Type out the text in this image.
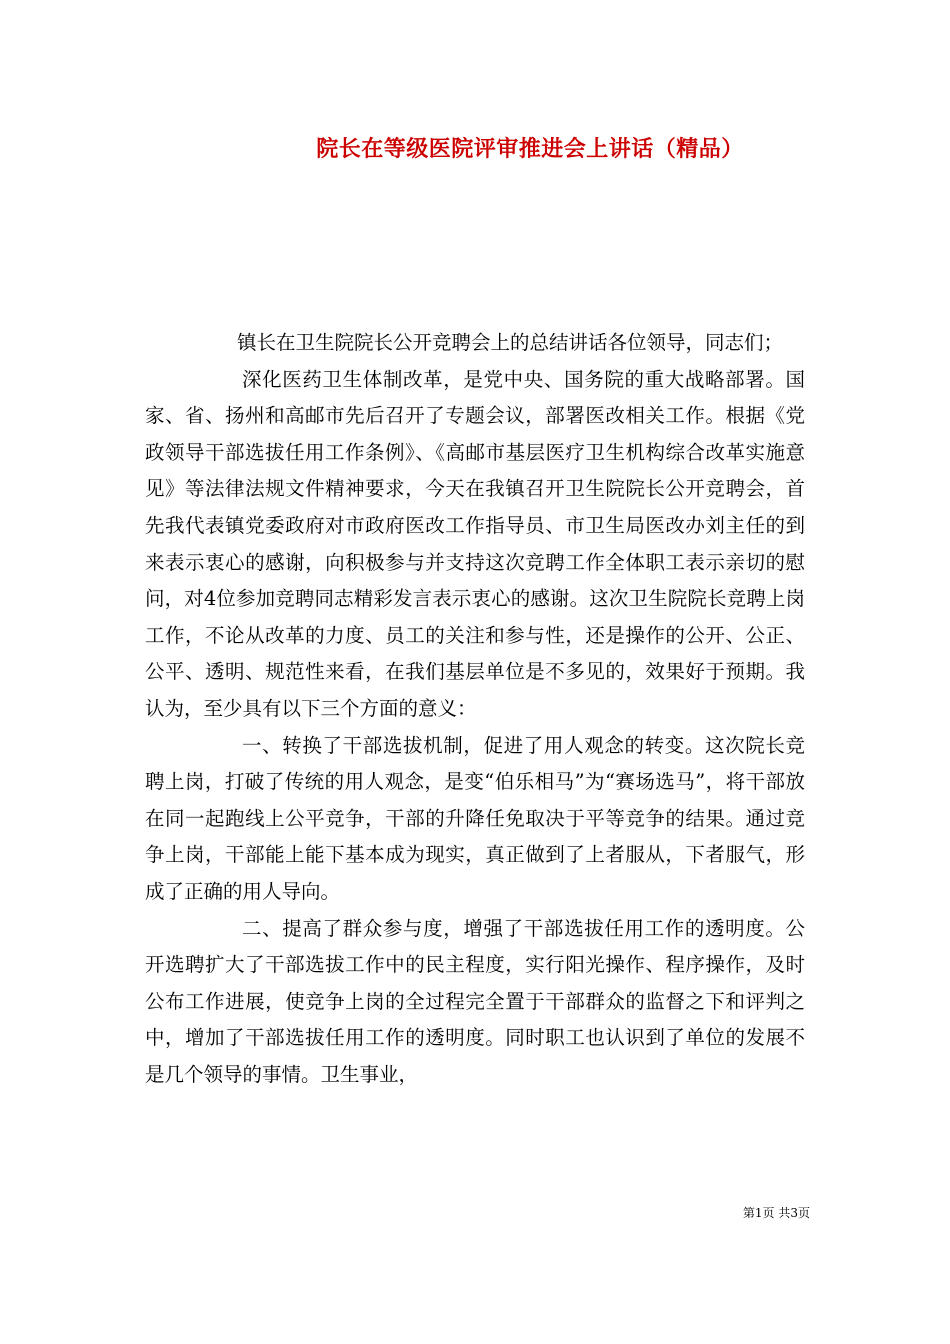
院长在等级医院评审推进会上讲话（精品）

镇长在卫生院院长公开竞聘会上的总结讲话各位领导，同志们；

深化医药卫生体制改革，是党中央、国务院的重大战略部署。国家、省、扬州和高邮市先后召开了专题会议，部署医改相关工作。根据《党政领导干部选拔任用工作条例》、《高邮市基层医疗卫生机构综合改革实施意见》等法律法规文件精神要求，今天在我镇召开卫生院院长公开竞聘会，首先我代表镇党委政府对市政府医改工作指导员、市卫生局医改办刘主任的到来表示衷心的感谢，向积极参与并支持这次竞聘工作全体职工表示亲切的慰问，对4位参加竞聘同志精彩发言表示衷心的感谢。这次卫生院院长竞聘上岗工作，不论从改革的力度、员工的关注和参与性，还是操作的公开、公正、公平、透明、规范性来看，在我们基层单位是不多见的，效果好于预期。我认为，至少具有以下三个方面的意义：

一、转换了干部选拔机制，促进了用人观念的转变。这次院长竞聘上岗，打破了传统的用人观念，是变“伯乐相马”为“赛场选马”，将干部放在同一起跑线上公平竞争，干部的升降任免取决于平等竞争的结果。通过竞争上岗，干部能上能下基本成为现实，真正做到了上者服从，下者服气，形成了正确的用人导向。

二、提高了群众参与度，增强了干部选拔任用工作的透明度。公开选聘扩大了干部选拔工作中的民主程度，实行阳光操作、程序操作，及时公布工作进展，使竞争上岗的全过程完全置于干部群众的监督之下和评判之中，增加了干部选拔任用工作的透明度。同时职工也认识到了单位的发展不是几个领导的事情。卫生事业，

第1页 共3页
